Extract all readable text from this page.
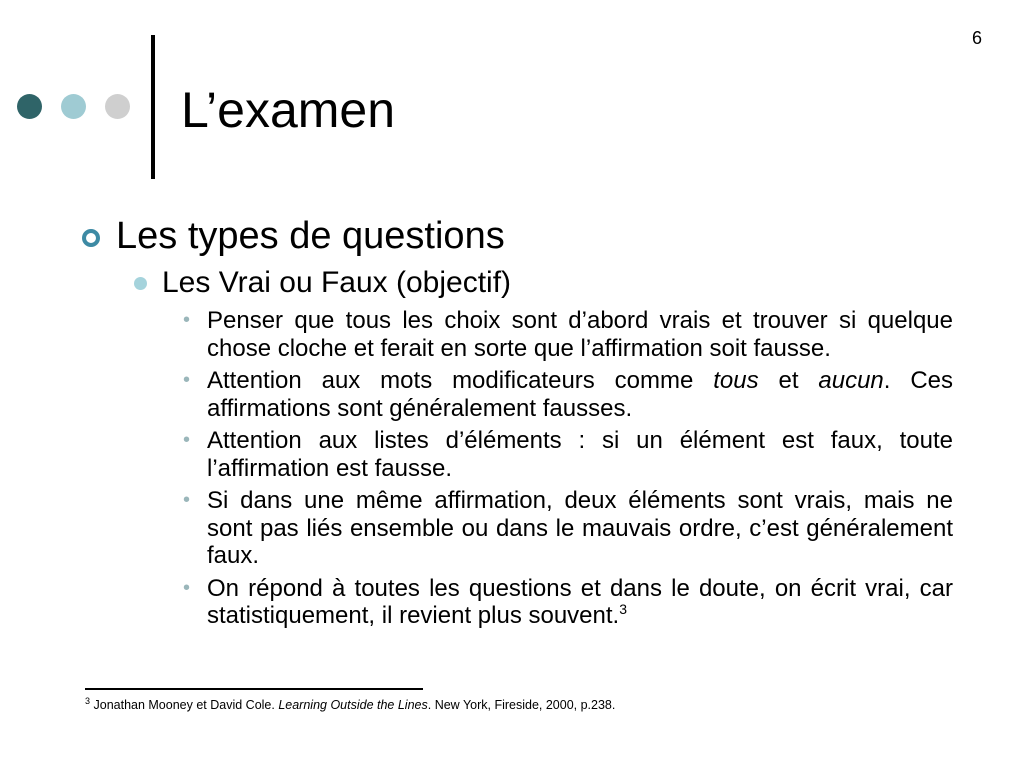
6
L’examen
Les types de questions
Les Vrai ou Faux (objectif)
• Penser que tous les choix sont d’abord vrais et trouver si quelque chose cloche et ferait en sorte que l’affirmation soit fausse.
• Attention aux mots modificateurs comme tous et aucun. Ces affirmations sont généralement fausses.
• Attention aux listes d’éléments : si un élément est faux, toute l’affirmation est fausse.
• Si dans une même affirmation, deux éléments sont vrais, mais ne sont pas liés ensemble ou dans le mauvais ordre, c’est généralement faux.
• On répond à toutes les questions et dans le doute, on écrit vrai, car statistiquement, il revient plus souvent.$^3$
$^3$ Jonathan Mooney et David Cole. Learning Outside the Lines. New York, Fireside, 2000, p.238.
